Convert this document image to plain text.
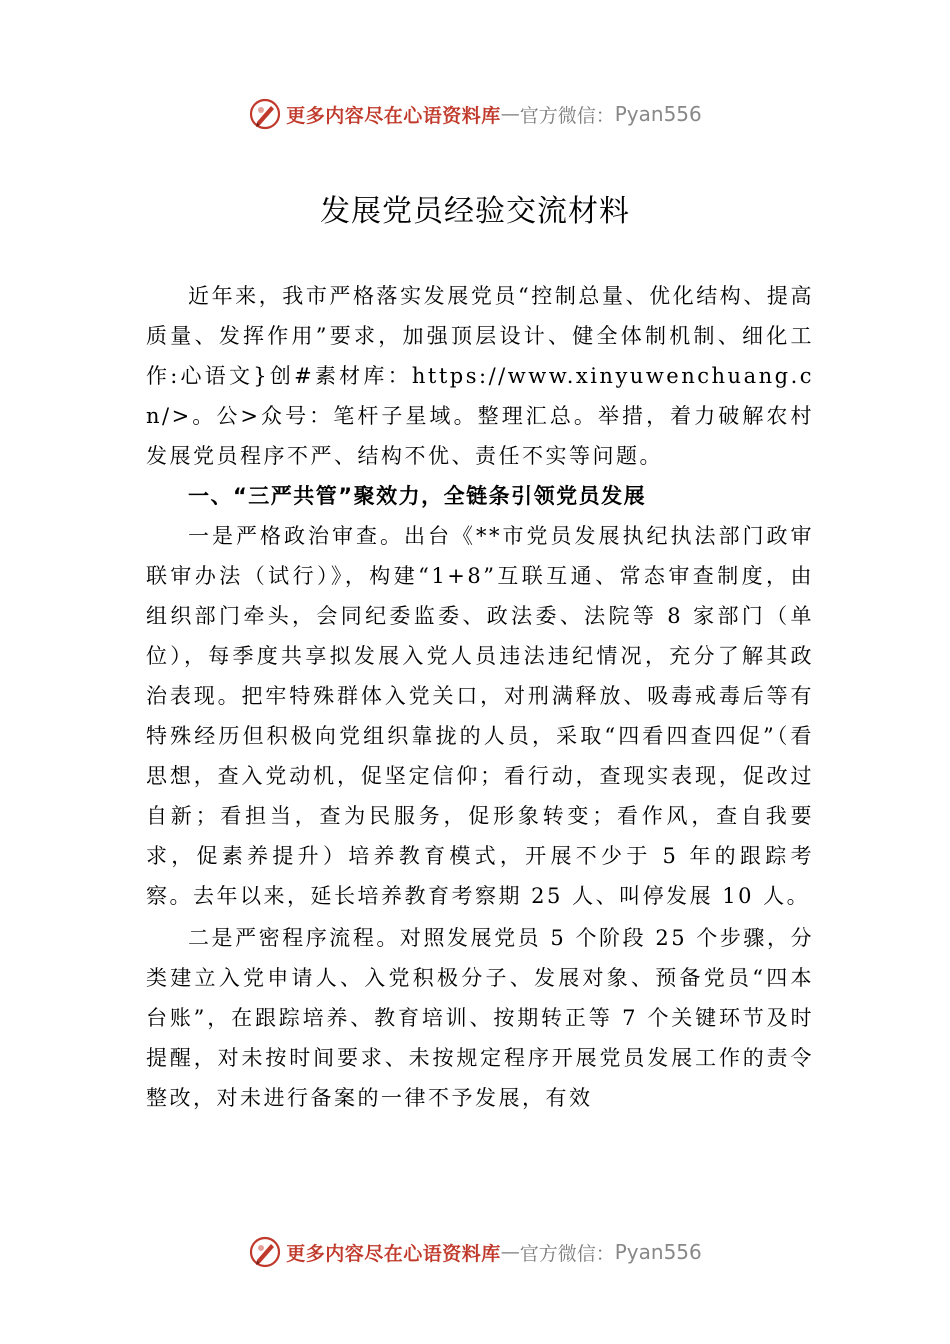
更多内容尽在心语资料库 — 官方微信： Pyan556
发展党员经验交流材料

近年来，我市严格落实发展党员“控制总量、优化结构、提高质量、发挥作用”要求，加强顶层设计、健全体制机制、细化工作:心语文}创#素材库：https://www.xinyuwenchuang.cn/>。公>众号：笔杆子星域。整理汇总。举措，着力破解农村发展党员程序不严、结构不优、责任不实等问题。

一、“三严共管”聚效力，全链条引领党员发展

一是严格政治审查。出台《**市党员发展执纪执法部门政审联审办法（试行）》，构建“1+8”互联互通、常态审查制度，由组织部门牵头，会同纪委监委、政法委、法院等 8 家部门（单位），每季度共享拟发展入党人员违法违纪情况，充分了解其政治表现。把牢特殊群体入党关口，对刑满释放、吸毒戒毒后等有特殊经历但积极向党组织靠拢的人员，采取“四看四查四促”（看思想，查入党动机，促坚定信仰；看行动，查现实表现，促改过自新；看担当，查为民服务，促形象转变；看作风，查自我要求，促素养提升）培养教育模式，开展不少于 5 年的跟踪考察。去年以来，延长培养教育考察期 25 人、叫停发展 10 人。

二是严密程序流程。对照发展党员 5 个阶段 25 个步骤，分类建立入党申请人、入党积极分子、发展对象、预备党员“四本台账”，在跟踪培养、教育培训、按期转正等 7 个关键环节及时提醒，对未按时间要求、未按规定程序开展党员发展工作的责令整改，对未进行备案的一律不予发展，有效

更多内容尽在心语资料库 — 官方微信： Pyan556
